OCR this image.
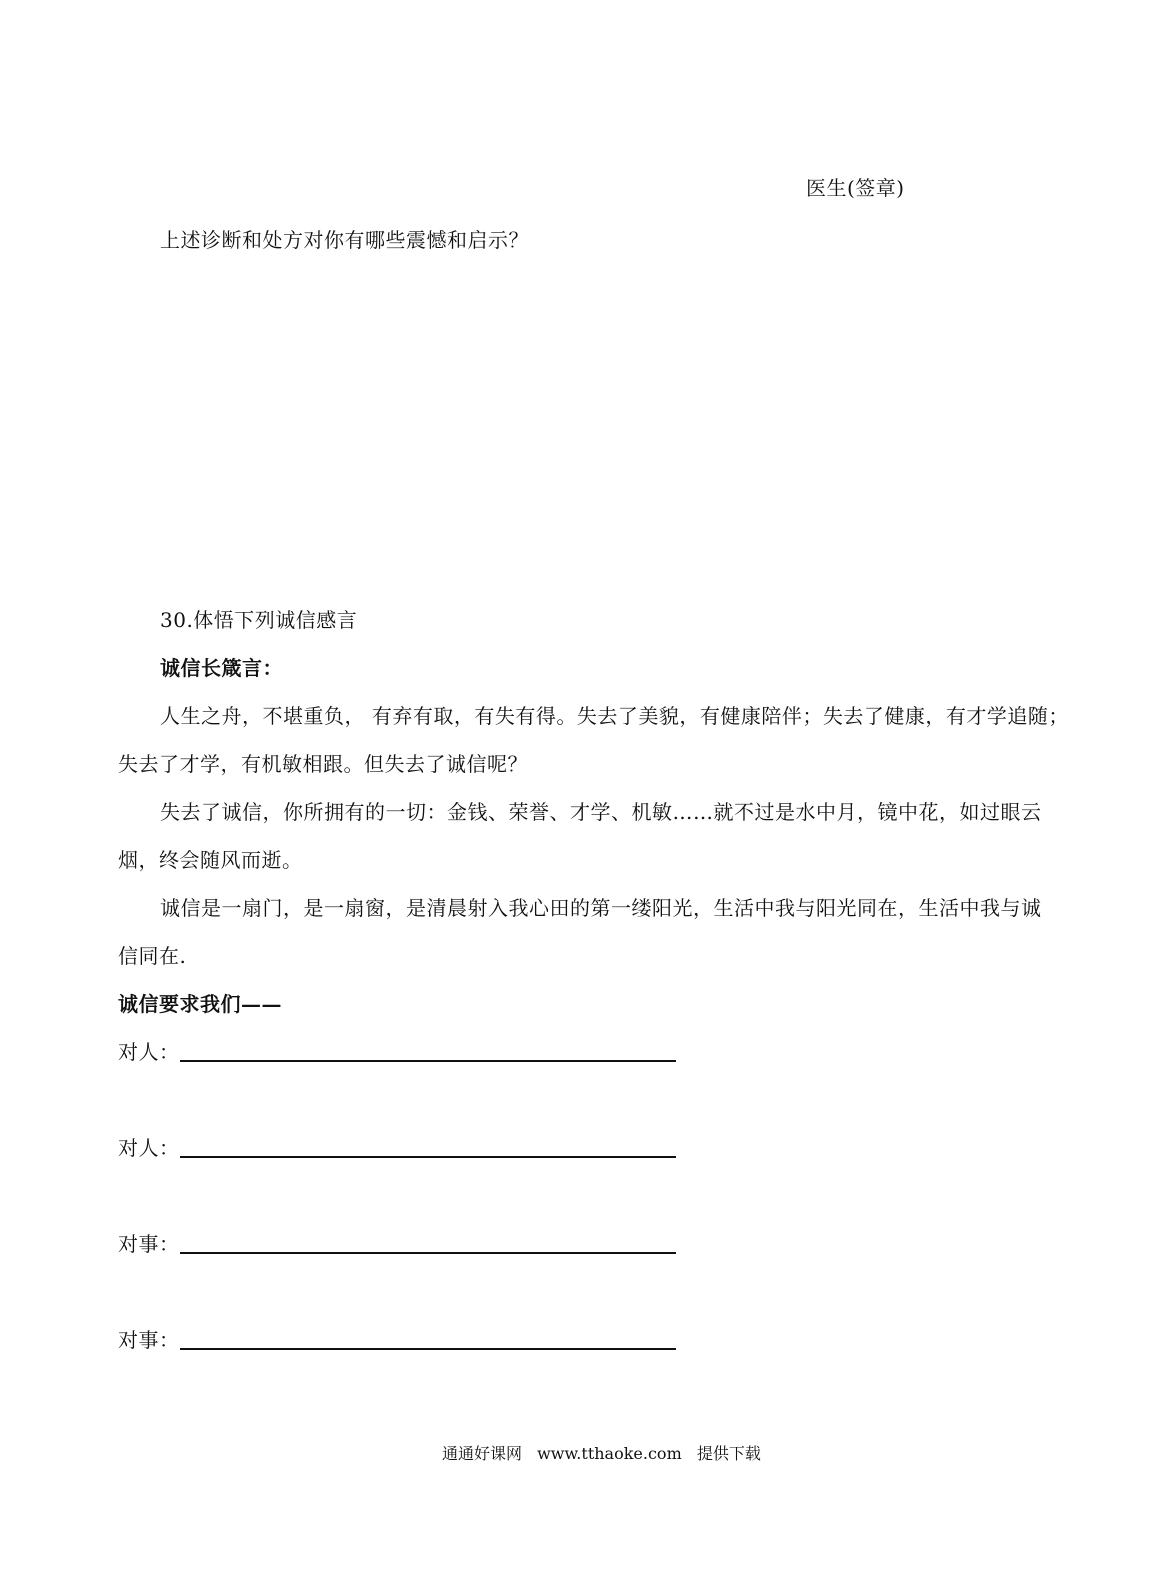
医生(签章)
上述诊断和处方对你有哪些震憾和启示？
30.体悟下列诚信感言
诚信长箴言：
人生之舟，不堪重负， 有弃有取，有失有得。失去了美貌，有健康陪伴；失去了健康，有才学追随；
失去了才学，有机敏相跟。但失去了诚信呢？
失去了诚信，你所拥有的一切：金钱、荣誉、才学、机敏……就不过是水中月，镜中花，如过眼云
烟，终会随风而逝。
诚信是一扇门，是一扇窗，是清晨射入我心田的第一缕阳光，生活中我与阳光同在，生活中我与诚
信同在.
诚信要求我们——
对人：
对人：
对事：
对事：
通通好课网 www.tthaoke.com 提供下载
